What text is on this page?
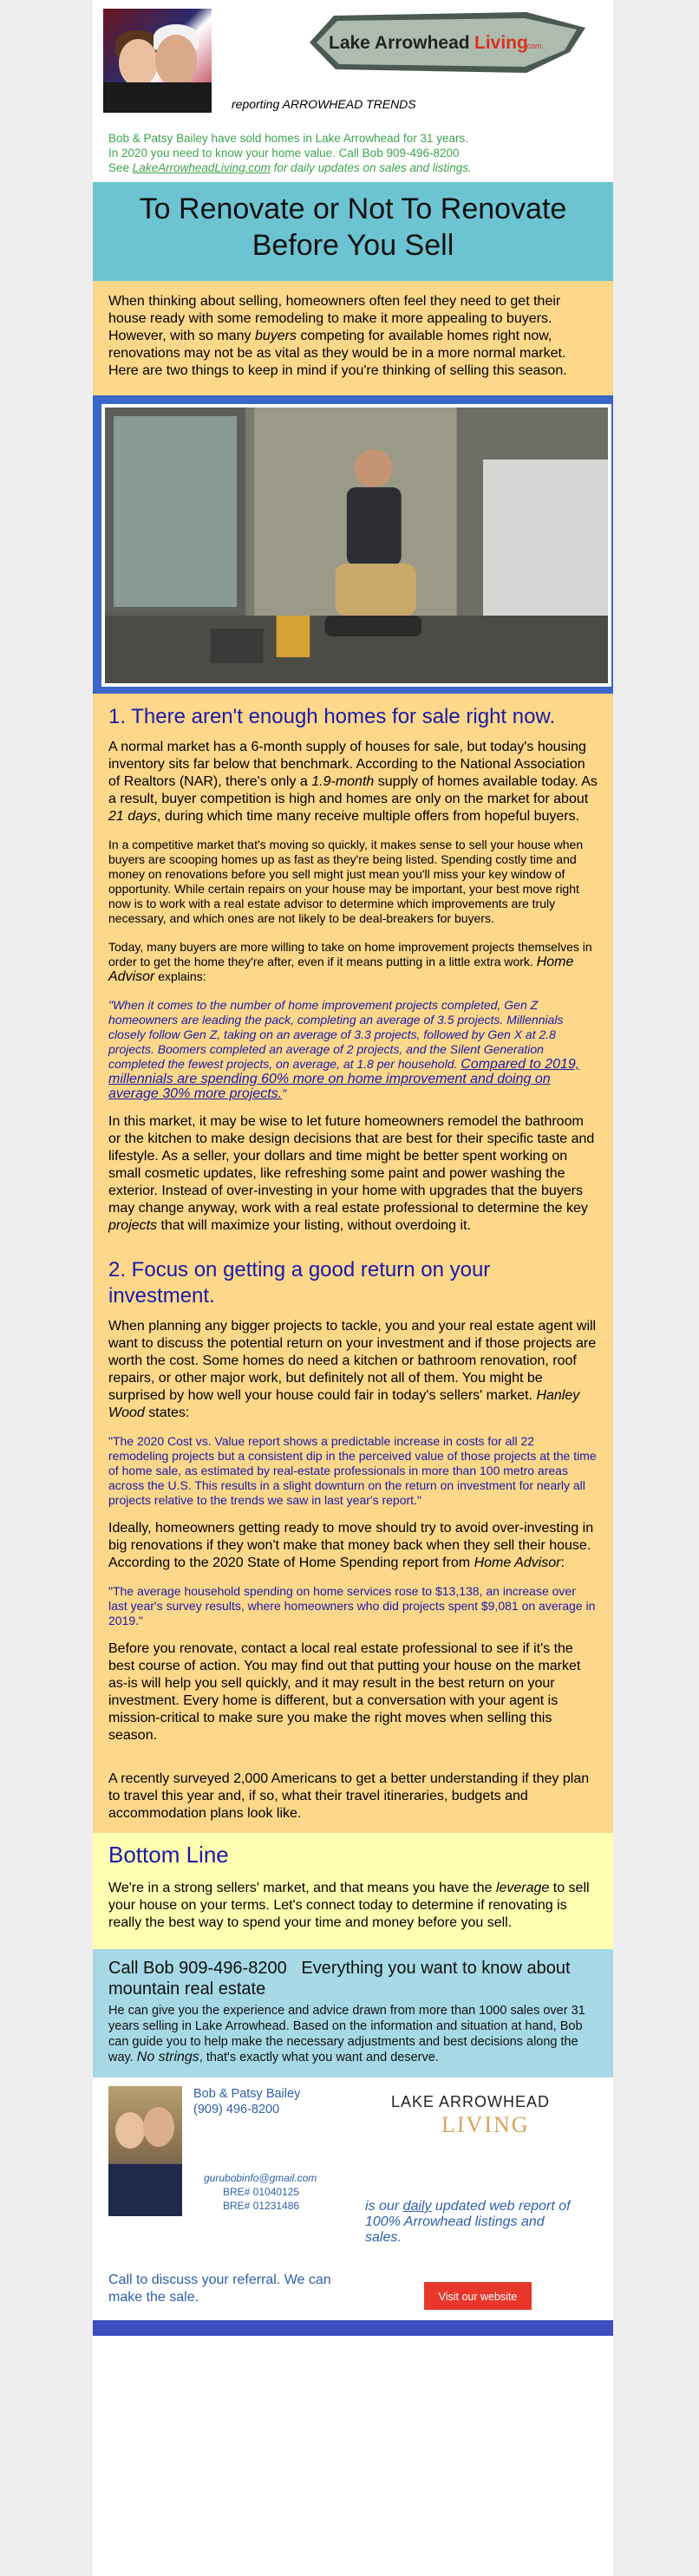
Lake Arrowhead Living
.com
reporting ARROWHEAD TRENDS
Bob & Patsy Bailey have sold homes in Lake Arrowhead for 31 years.
In 2020 you need to know your home value. Call Bob 909-496-8200
See LakeArrowheadLiving.com for daily updates on sales and listings.
To Renovate or Not To Renovate Before You Sell
When thinking about selling, homeowners often feel they need to get their house ready with some remodeling to make it more appealing to buyers. However, with so many buyers competing for available homes right now, renovations may not be as vital as they would be in a more normal market. Here are two things to keep in mind if you're thinking of selling this season.
1. There aren't enough homes for sale right now.

A normal market has a 6-month supply of houses for sale, but today's housing inventory sits far below that benchmark. According to the National Association of Realtors (NAR), there's only a 1.9-month supply of homes available today. As a result, buyer competition is high and homes are only on the market for about 21 days, during which time many receive multiple offers from hopeful buyers.

In a competitive market that's moving so quickly, it makes sense to sell your house when buyers are scooping homes up as fast as they're being listed. Spending costly time and money on renovations before you sell might just mean you'll miss your key window of opportunity. While certain repairs on your house may be important, your best move right now is to work with a real estate advisor to determine which improvements are truly necessary, and which ones are not likely to be deal-breakers for buyers.

Today, many buyers are more willing to take on home improvement projects themselves in order to get the home they're after, even if it means putting in a little extra work. Home Advisor explains:

"When it comes to the number of home improvement projects completed, Gen Z homeowners are leading the pack, completing an average of 3.5 projects. Millennials closely follow Gen Z, taking on an average of 3.3 projects, followed by Gen X at 2.8 projects. Boomers completed an average of 2 projects, and the Silent Generation completed the fewest projects, on average, at 1.8 per household. Compared to 2019, millennials are spending 60% more on home improvement and doing on average 30% more projects."

In this market, it may be wise to let future homeowners remodel the bathroom or the kitchen to make design decisions that are best for their specific taste and lifestyle. As a seller, your dollars and time might be better spent working on small cosmetic updates, like refreshing some paint and power washing the exterior. Instead of over-investing in your home with upgrades that the buyers may change anyway, work with a real estate professional to determine the key projects that will maximize your listing, without overdoing it.

2. Focus on getting a good return on your investment.

When planning any bigger projects to tackle, you and your real estate agent will want to discuss the potential return on your investment and if those projects are worth the cost. Some homes do need a kitchen or bathroom renovation, roof repairs, or other major work, but definitely not all of them. You might be surprised by how well your house could fair in today's sellers' market. Hanley Wood states:

"The 2020 Cost vs. Value report shows a predictable increase in costs for all 22 remodeling projects but a consistent dip in the perceived value of those projects at the time of home sale, as estimated by real-estate professionals in more than 100 metro areas across the U.S. This results in a slight downturn on the return on investment for nearly all projects relative to the trends we saw in last year's report."

Ideally, homeowners getting ready to move should try to avoid over-investing in big renovations if they won't make that money back when they sell their house. According to the 2020 State of Home Spending report from Home Advisor:

"The average household spending on home services rose to $13,138, an increase over last year's survey results, where homeowners who did projects spent $9,081 on average in 2019."

Before you renovate, contact a local real estate professional to see if it's the best course of action. You may find out that putting your house on the market as-is will help you sell quickly, and it may result in the best return on your investment. Every home is different, but a conversation with your agent is mission-critical to make sure you make the right moves when selling this season.

A recently surveyed 2,000 Americans to get a better understanding if they plan to travel this year and, if so, what their travel itineraries, budgets and accommodation plans look like.

Bottom Line

We're in a strong sellers' market, and that means you have the leverage to sell your house on your terms. Let's connect today to determine if renovating is really the best way to spend your time and money before you sell.

Call Bob 909-496-8200 Everything you want to know about mountain real estate
He can give you the experience and advice drawn from more than 1000 sales over 31 years selling in Lake Arrowhead. Based on the information and situation at hand, Bob can guide you to help make the necessary adjustments and best decisions along the way. No strings, that's exactly what you want and deserve.
Bob & Patsy Bailey
(909) 496-8200
gurubobinfo@gmail.com
BRE# 01040125
BRE# 01231486
LAKE ARROWHEAD
LIVING
is our daily updated web report of 100% Arrowhead listings and sales.
Call to discuss your referral. We can make the sale.	Visit our website
